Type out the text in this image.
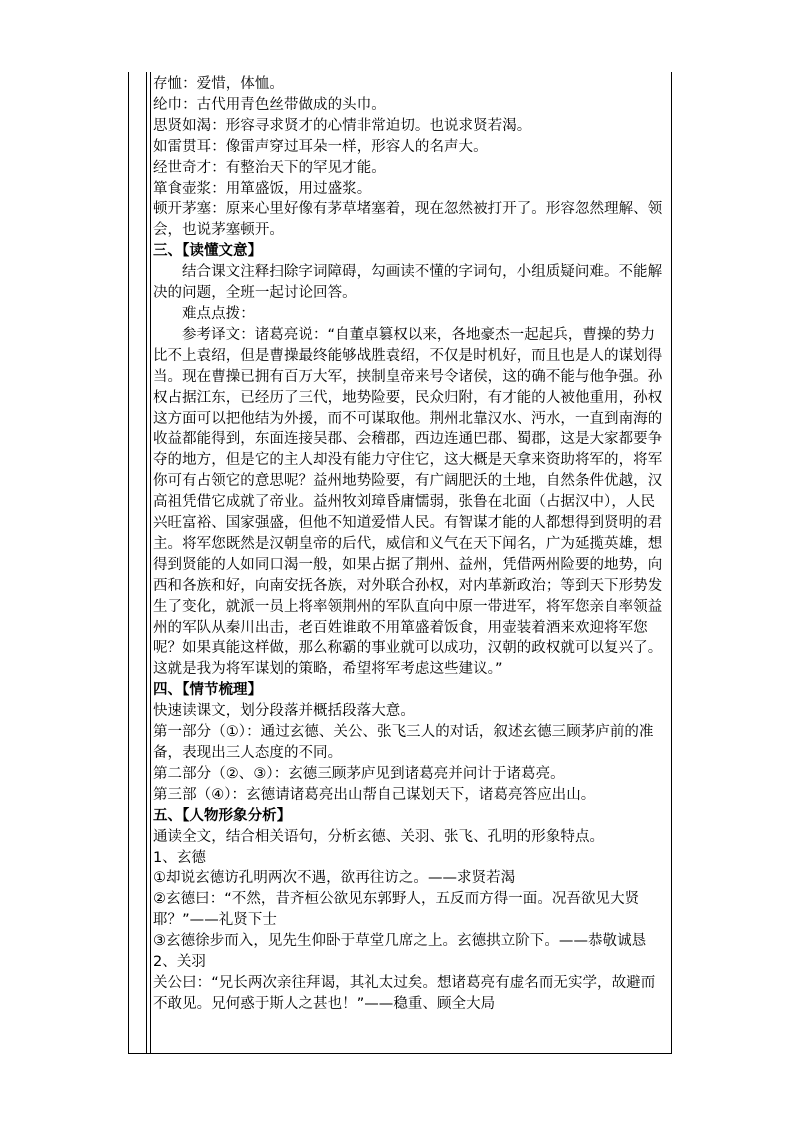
存恤：爱惜，体恤。

纶巾：古代用青色丝带做成的头巾。

思贤如渴：形容寻求贤才的心情非常迫切。也说求贤若渴。

如雷贯耳：像雷声穿过耳朵一样，形容人的名声大。

经世奇才：有整治天下的罕见才能。

箪食壶浆：用箪盛饭，用过盛浆。

顿开茅塞：原来心里好像有茅草堵塞着，现在忽然被打开了。形容忽然理解、领会，也说茅塞顿开。

三、【读懂文意】

结合课文注释扫除字词障碍，勾画读不懂的字词句，小组质疑问难。不能解决的问题，全班一起讨论回答。

难点点拨：

参考译文：诸葛亮说：“自董卓篡权以来，各地豪杰一起起兵，曹操的势力比不上袁绍，但是曹操最终能够战胜袁绍，不仅是时机好，而且也是人的谋划得当。现在曹操已拥有百万大军，挟制皇帝来号令诸侯，这的确不能与他争强。孙权占据江东，已经历了三代，地势险要，民众归附，有才能的人被他重用，孙权这方面可以把他结为外援，而不可谋取他。荆州北靠汉水、沔水，一直到南海的收益都能得到，东面连接吴郡、会稽郡，西边连通巴郡、蜀郡，这是大家都要争夺的地方，但是它的主人却没有能力守住它，这大概是天拿来资助将军的，将军你可有占领它的意思呢？益州地势险要，有广阔肥沃的土地，自然条件优越，汉高祖凭借它成就了帝业。益州牧刘璋昏庸懦弱，张鲁在北面（占据汉中），人民兴旺富裕、国家强盛，但他不知道爱惜人民。有智谋才能的人都想得到贤明的君主。将军您既然是汉朝皇帝的后代，威信和义气在天下闻名，广为延揽英雄，想得到贤能的人如同口渴一般，如果占据了荆州、益州，凭借两州险要的地势，向西和各族和好，向南安抚各族，对外联合孙权，对内革新政治；等到天下形势发生了变化，就派一员上将率领荆州的军队直向中原一带进军，将军您亲自率领益州的军队从秦川出击，老百姓谁敢不用箪盛着饭食，用壶装着酒来欢迎将军您呢？如果真能这样做，那么称霸的事业就可以成功，汉朝的政权就可以复兴了。这就是我为将军谋划的策略，希望将军考虑这些建议。”

四、【情节梳理】

快速读课文，划分段落并概括段落大意。

第一部分（①）：通过玄德、关公、张飞三人的对话，叙述玄德三顾茅庐前的准备，表现出三人态度的不同。

第二部分（②、③）：玄德三顾茅庐见到诸葛亮并问计于诸葛亮。

第三部（④）：玄德请诸葛亮出山帮自己谋划天下，诸葛亮答应出山。

五、【人物形象分析】

通读全文，结合相关语句，分析玄德、关羽、张飞、孔明的形象特点。

1、玄德

①却说玄德访孔明两次不遇，欲再往访之。——求贤若渴

②玄德曰：“不然，昔齐桓公欲见东郭野人，五反而方得一面。况吾欲见大贤耶？”——礼贤下士

③玄德徐步而入，见先生仰卧于草堂几席之上。玄德拱立阶下。——恭敬诚恳

2、关羽

关公曰：“兄长两次亲往拜谒，其礼太过矣。想诸葛亮有虚名而无实学，故避而不敢见。兄何惑于斯人之甚也！”——稳重、顾全大局
